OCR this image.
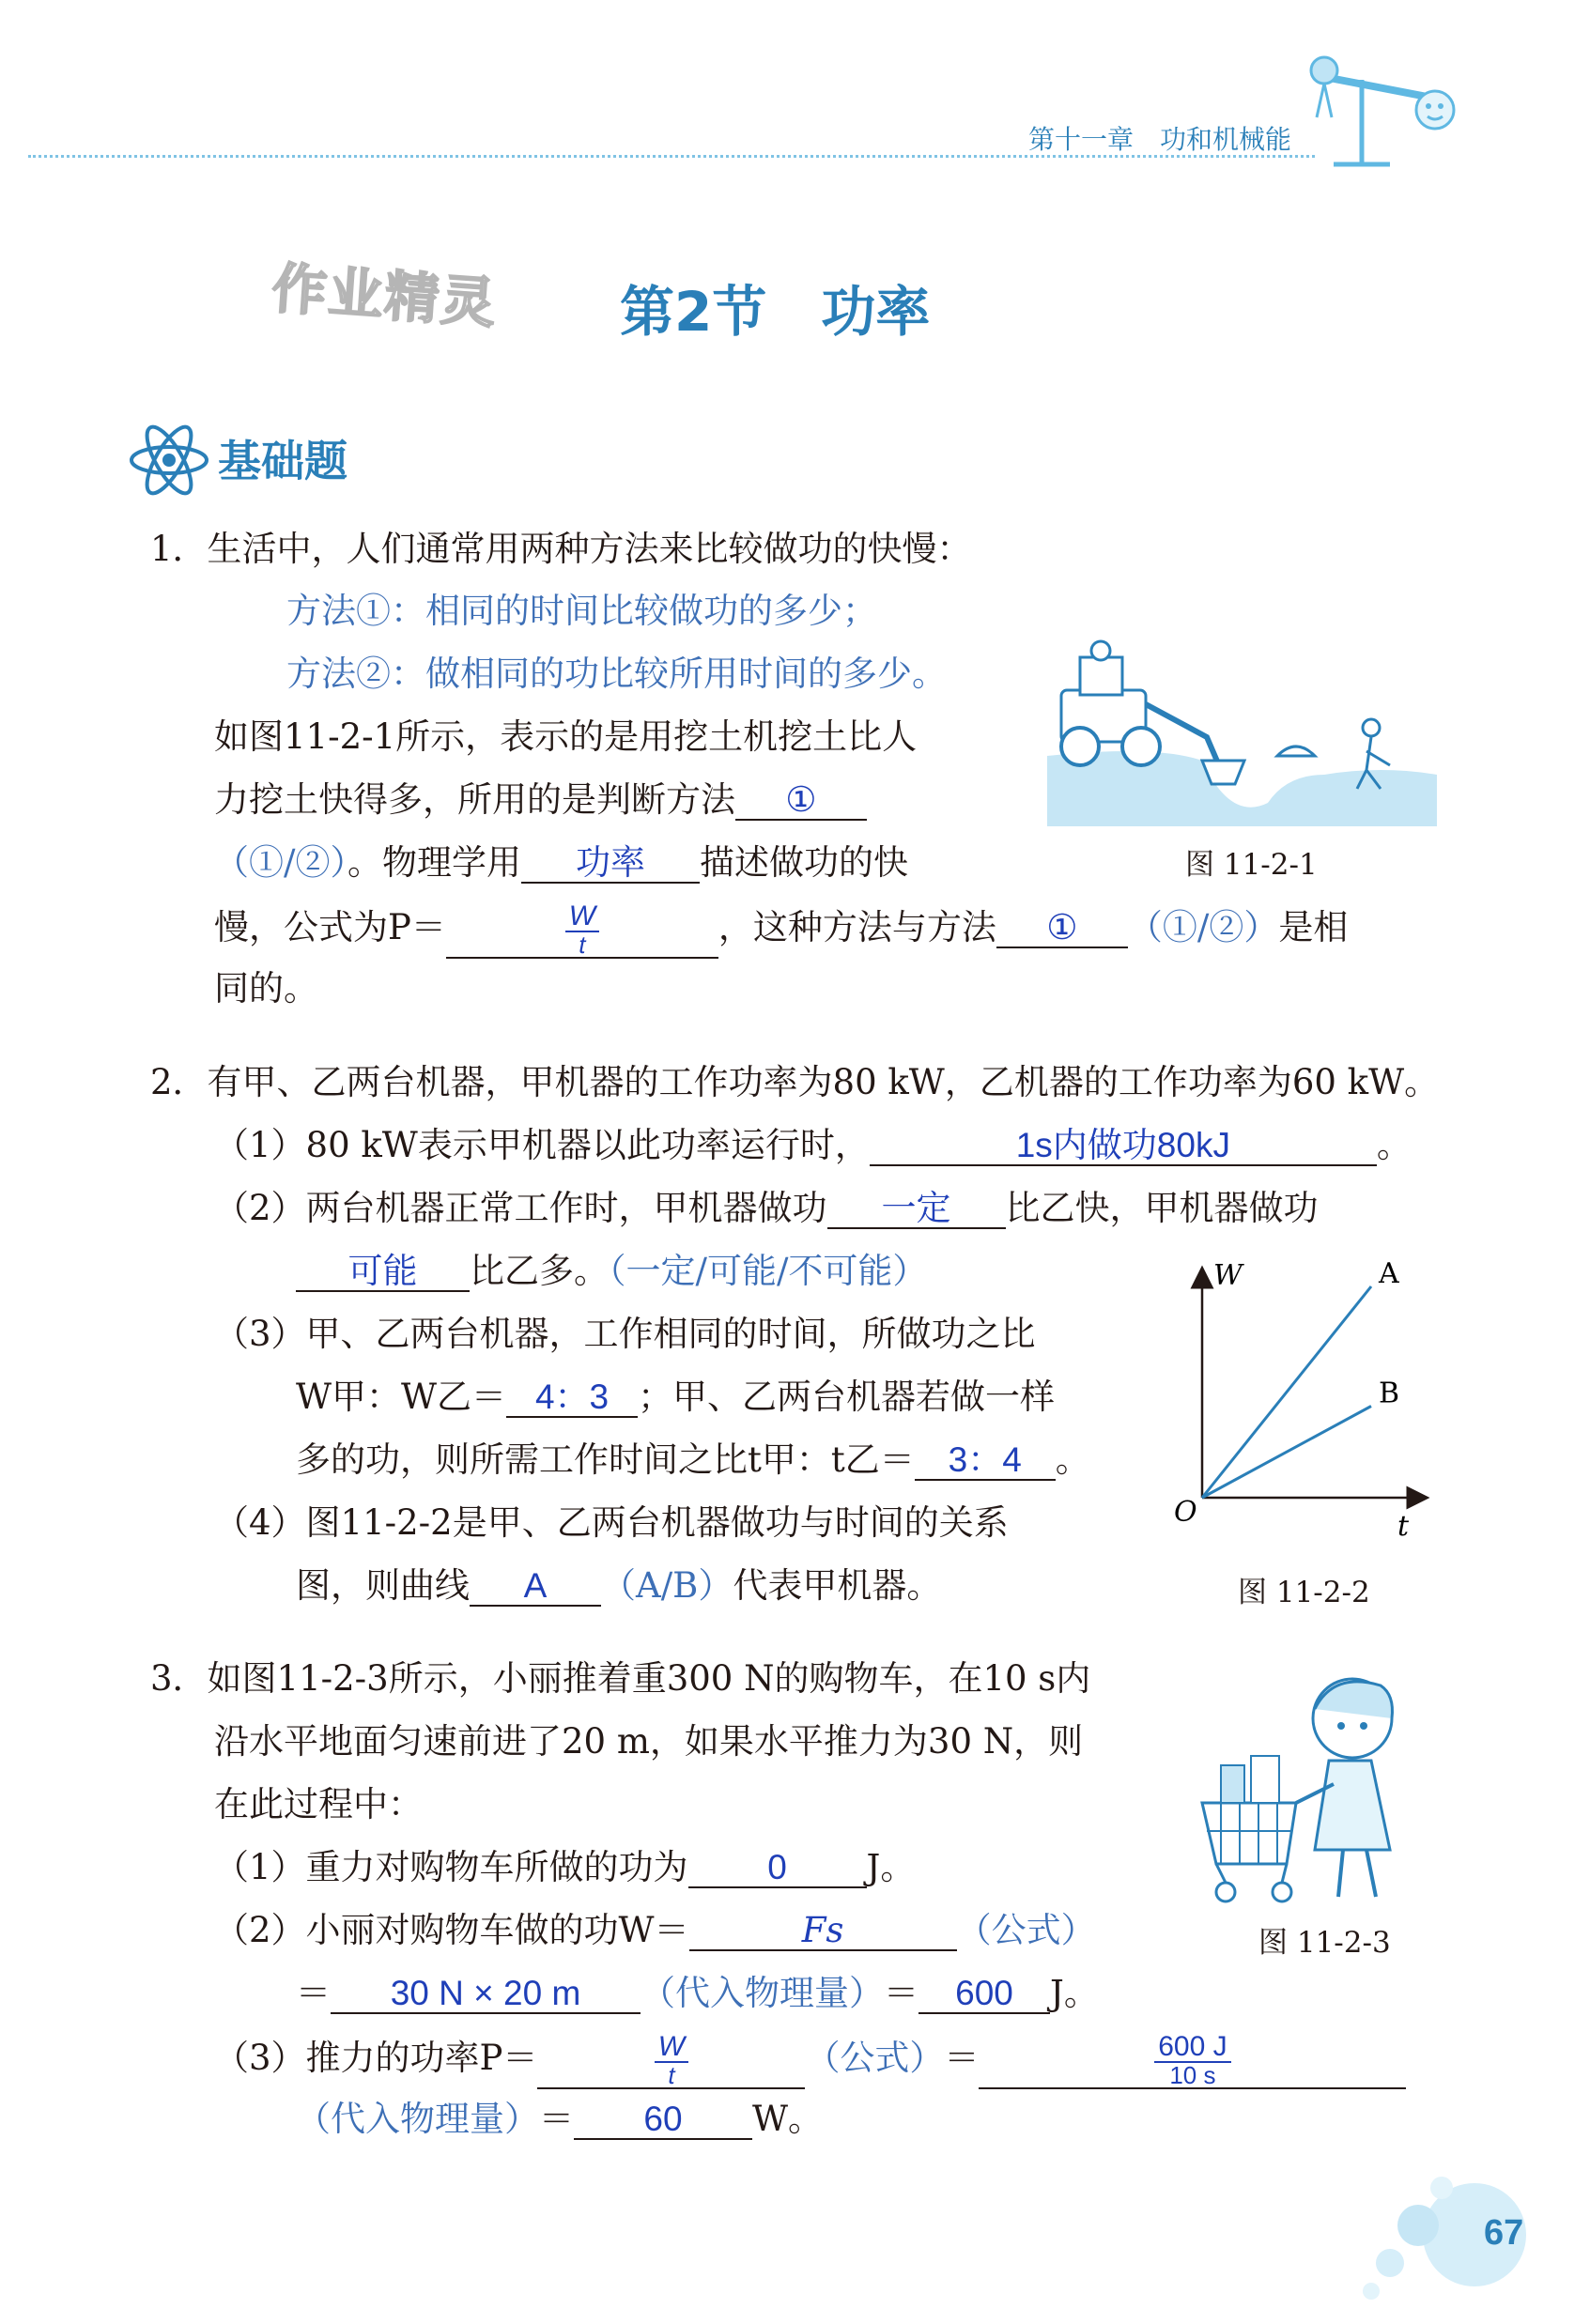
第十一章　功和机械能
作业精灵 第2节　功率
基础题
1．生活中，人们通常用两种方法来比较做功的快慢：
方法①：相同的时间比较做功的多少；
方法②：做相同的功比较所用时间的多少。
如图11-2-1所示，表示的是用挖土机挖土比人
力挖土快得多，所用的是判断方法 ①
（①/②）。物理学用 功率 描述做功的快
慢，公式为P＝	$\frac{W}{t}$	，这种方法与方法 ① （①/②）是相
同的。
图 11-2-1
2．有甲、乙两台机器，甲机器的工作功率为80 kW，乙机器的工作功率为60 kW。
（1）80 kW表示甲机器以此功率运行时，	1s内做功80kJ	。
（2）两台机器正常工作时，甲机器做功 一定 比乙快，甲机器做功
可能 比乙多。（一定/可能/不可能）
（3）甲、乙两台机器，工作相同的时间，所做功之比
W甲：W乙＝ 4：3 ；甲、乙两台机器若做一样
多的功，则所需工作时间之比t甲：t乙＝ 3：4 。
（4）图11-2-2是甲、乙两台机器做功与时间的关系
图，则曲线 A （A/B）代表甲机器。
W
t
O
A
B
图 11-2-2
3．如图11-2-3所示，小丽推着重300 N的购物车，在10 s内
沿水平地面匀速前进了20 m，如果水平推力为30 N，则
在此过程中：
（1）重力对购物车所做的功为 0 J。
（2）小丽对购物车做的功W＝	Fs	（公式）
＝ 30 N × 20 m （代入物理量）＝ 600 J。
（3）推力的功率P＝	$\frac{W}{t}$	（公式）＝	$\frac{600 J}{10 s}$
（代入物理量）＝ 60 W。
图 11-2-3
67
